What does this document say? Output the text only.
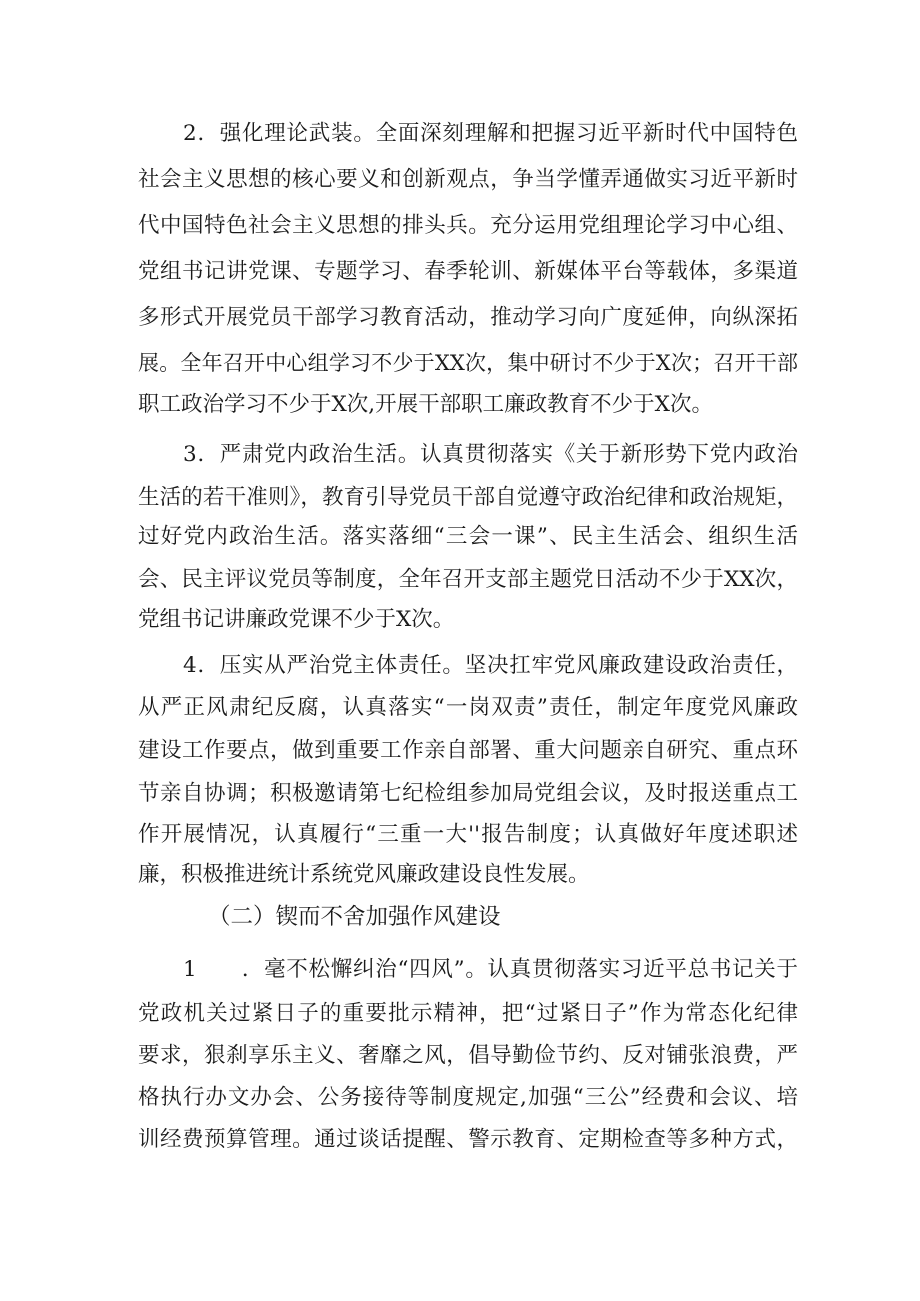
2．强化理论武装。全面深刻理解和把握习近平新时代中国特色
社会主义思想的核心要义和创新观点，争当学懂弄通做实习近平新时
代中国特色社会主义思想的排头兵。充分运用党组理论学习中心组、
党组书记讲党课、专题学习、春季轮训、新媒体平台等载体，多渠道
多形式开展党员干部学习教育活动，推动学习向广度延伸，向纵深拓
展。全年召开中心组学习不少于XX次，集中研讨不少于X次；召开干部
职工政治学习不少于X次,开展干部职工廉政教育不少于X次。
3．严肃党内政治生活。认真贯彻落实《关于新形势下党内政治
生活的若干准则》，教育引导党员干部自觉遵守政治纪律和政治规矩，
过好党内政治生活。落实落细“三会一课”、民主生活会、组织生活
会、民主评议党员等制度，全年召开支部主题党日活动不少于XX次，
党组书记讲廉政党课不少于X次。
4．压实从严治党主体责任。坚决扛牢党风廉政建设政治责任，
从严正风肃纪反腐，认真落实“一岗双责”责任，制定年度党风廉政
建设工作要点，做到重要工作亲自部署、重大问题亲自研究、重点环
节亲自协调；积极邀请第七纪检组参加局党组会议，及时报送重点工
作开展情况，认真履行“三重一大''报告制度；认真做好年度述职述
廉，积极推进统计系统党风廉政建设良性发展。
（二）锲而不舍加强作风建设
1　　．毫不松懈纠治“四风”。认真贯彻落实习近平总书记关于
党政机关过紧日子的重要批示精神，把“过紧日子”作为常态化纪律
要求，狠刹享乐主义、奢靡之风，倡导勤俭节约、反对铺张浪费，严
格执行办文办会、公务接待等制度规定,加强“三公”经费和会议、培
训经费预算管理。通过谈话提醒、警示教育、定期检查等多种方式，
